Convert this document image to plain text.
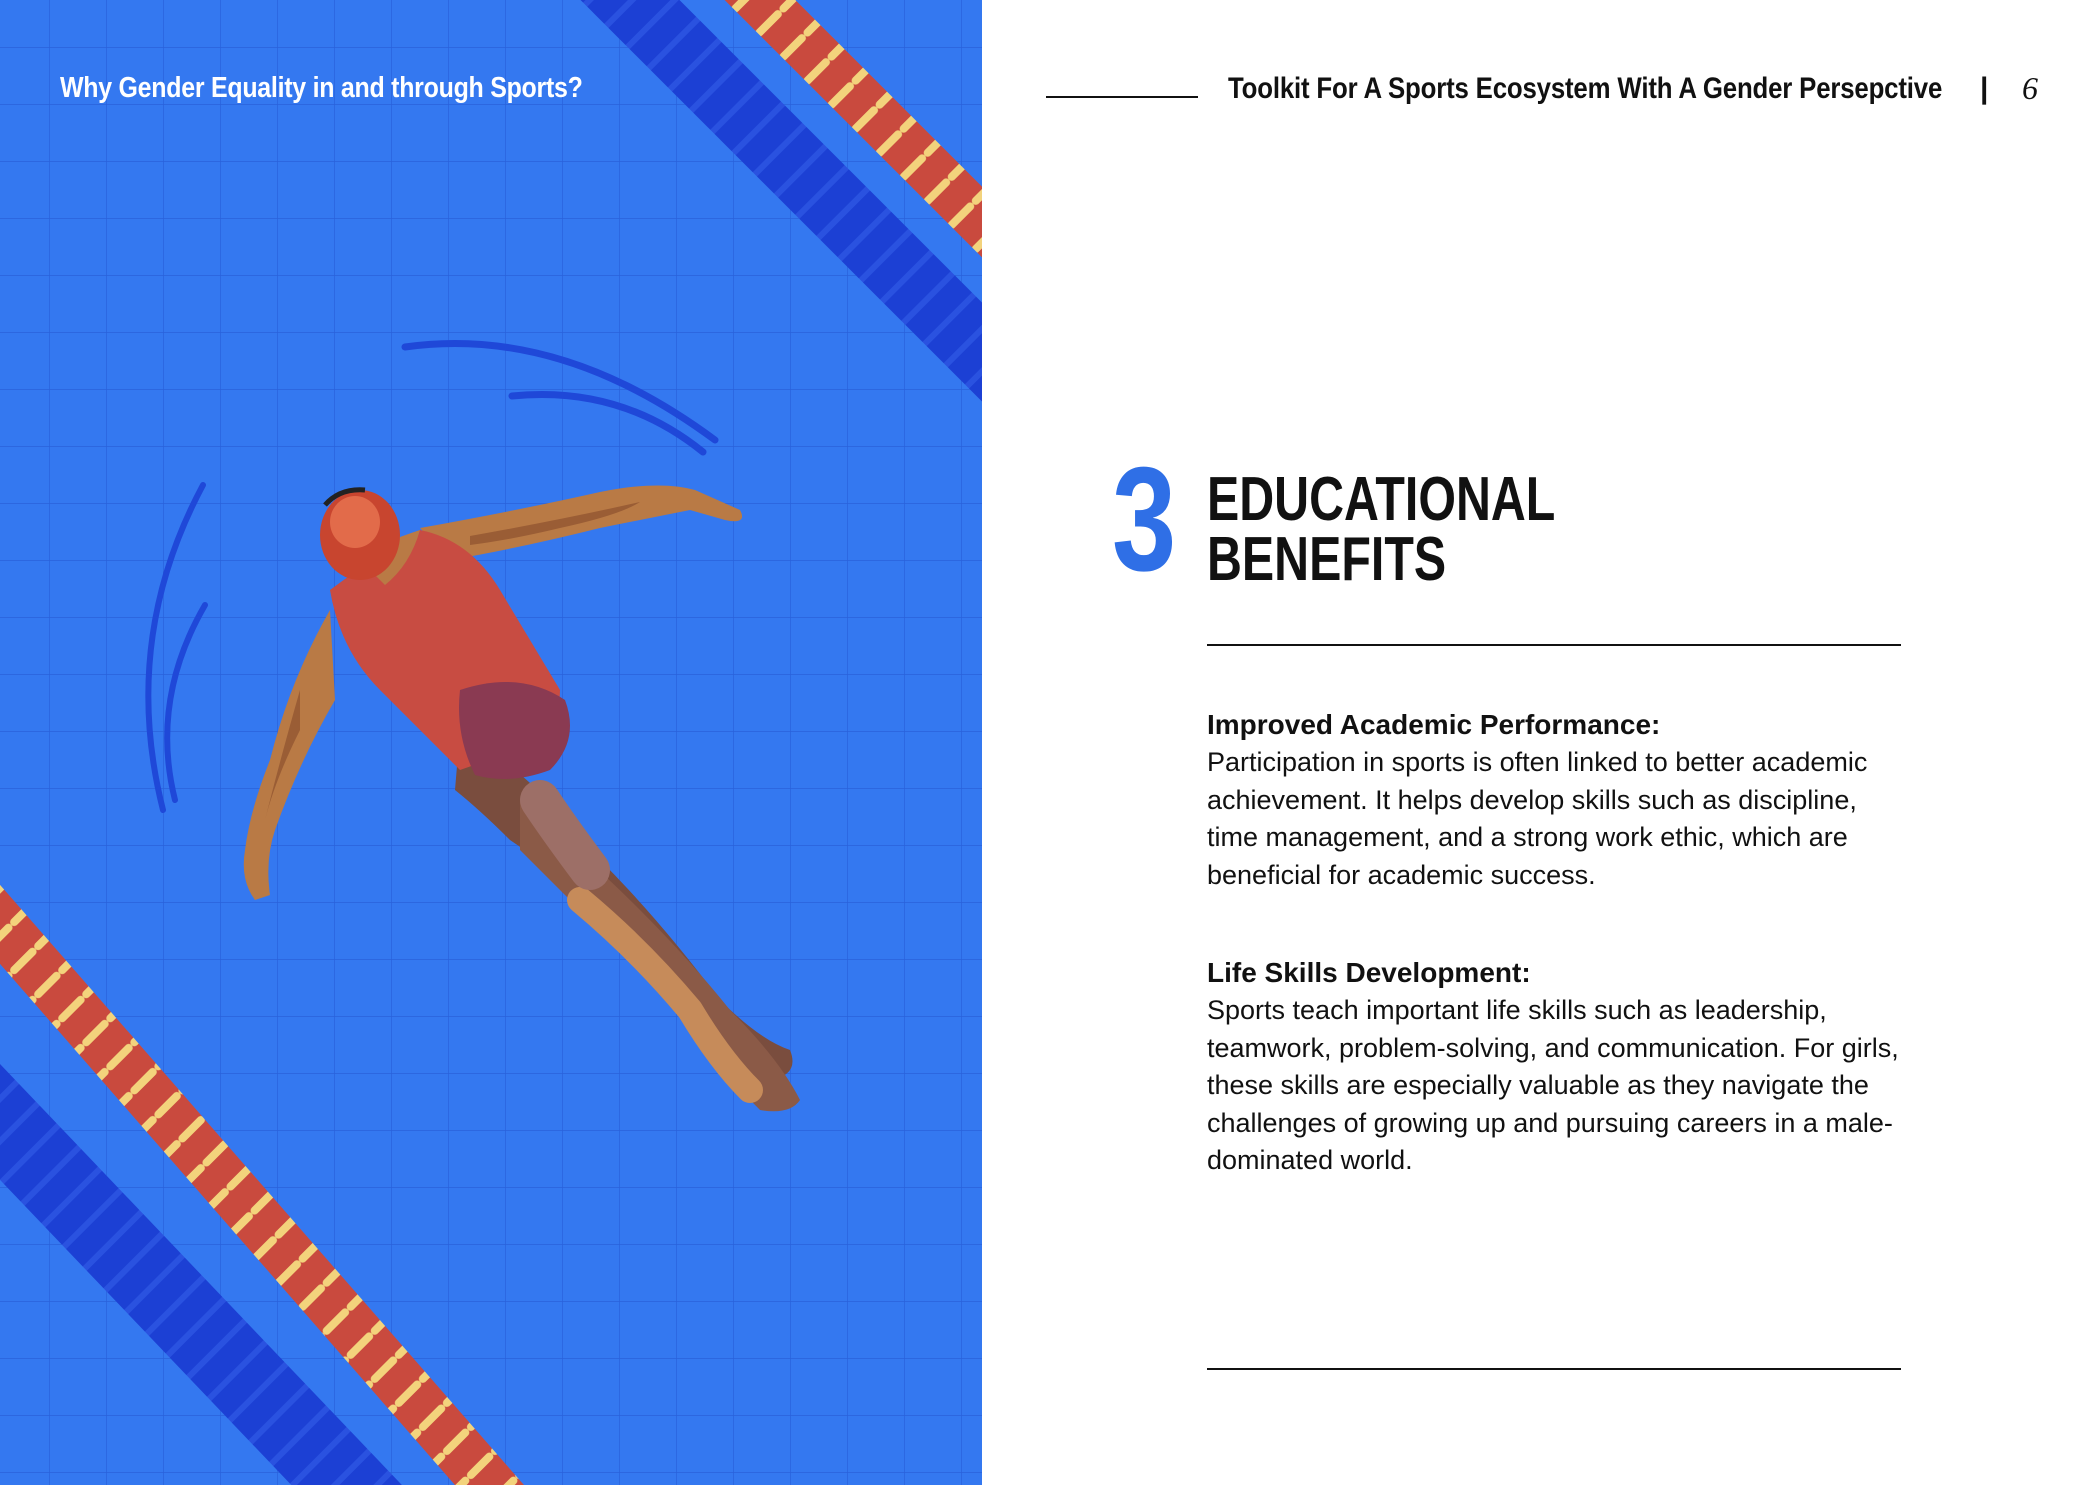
Why Gender Equality in and through Sports?	Toolkit For A Sports Ecosystem With A Gender Persepctive | 6
3 EDUCATIONAL
BENEFITS
Improved Academic Performance:

Participation in sports is often linked to better academic achievement. It helps develop skills such as discipline, time management, and a strong work ethic, which are beneficial for academic success.

Life Skills Development:

Sports teach important life skills such as leadership, teamwork, problem-solving, and communication. For girls, these skills are especially valuable as they navigate the challenges of growing up and pursuing careers in a male-dominated world.
